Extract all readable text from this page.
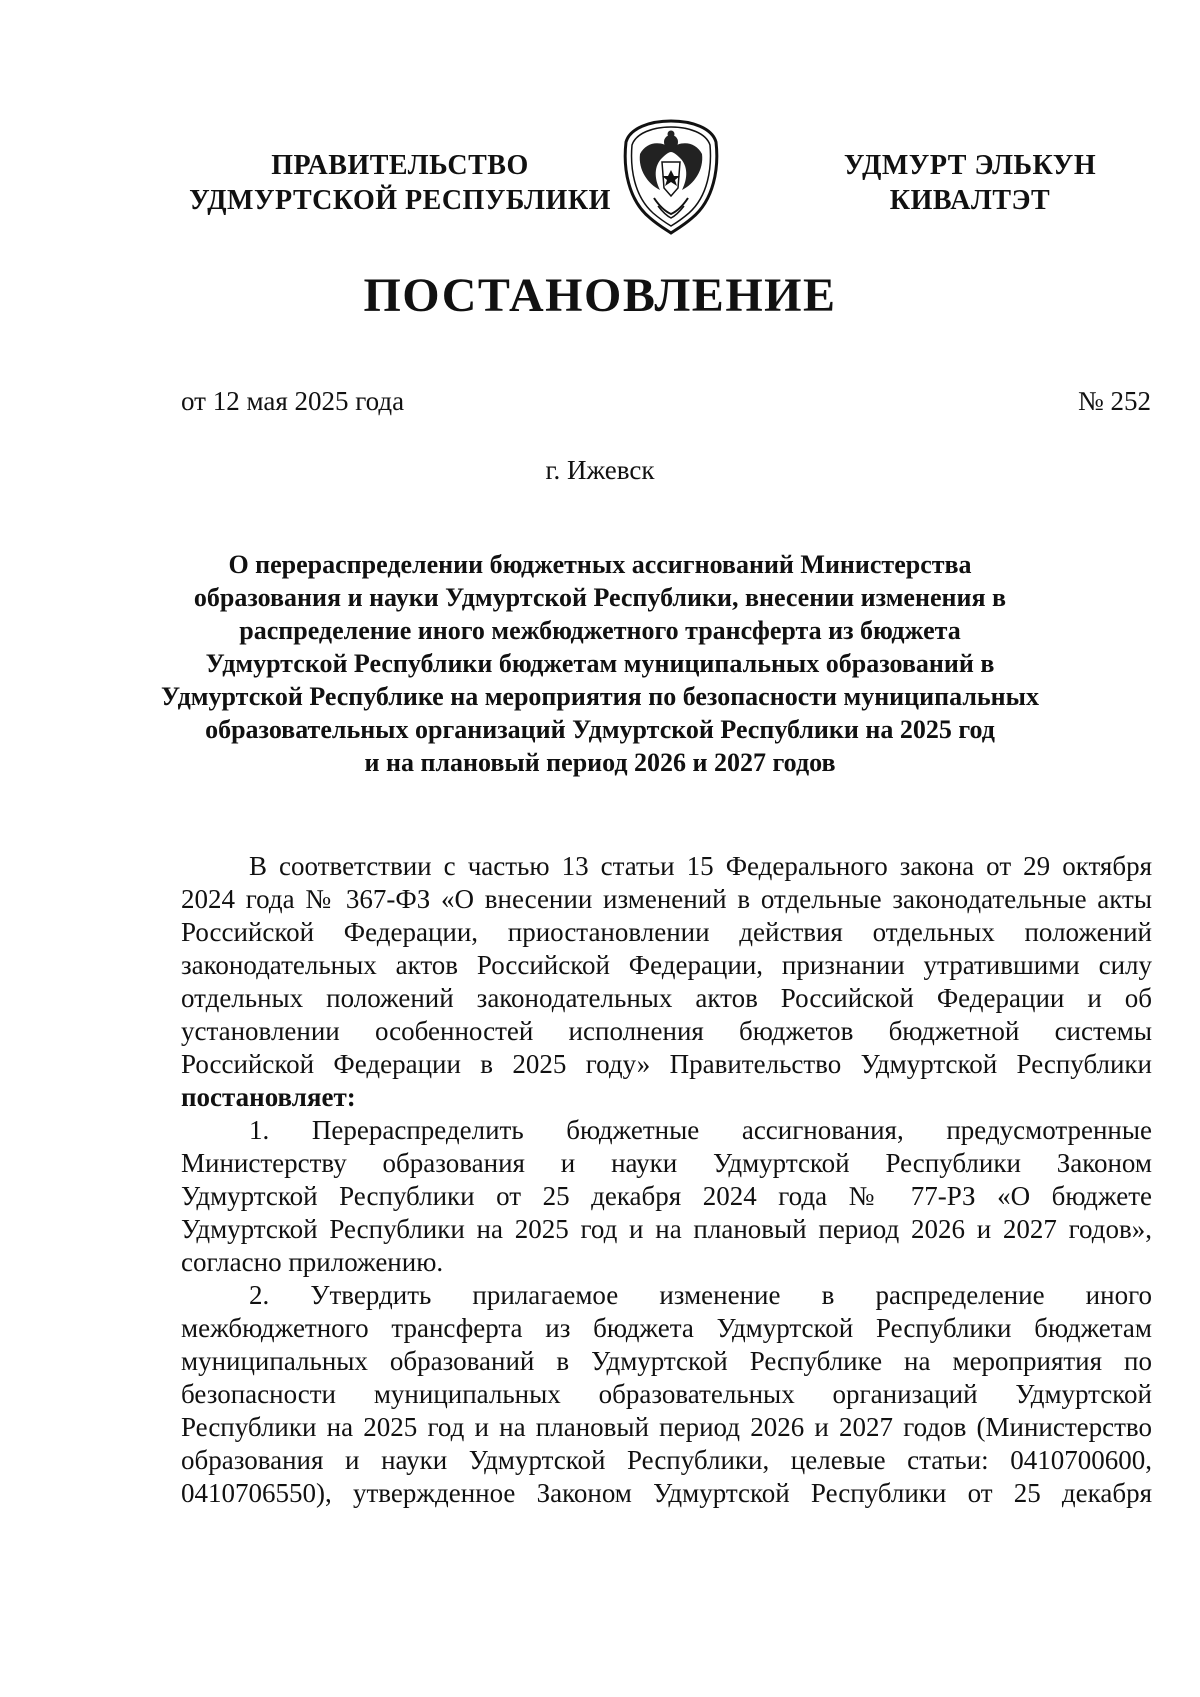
ПРАВИТЕЛЬСТВО
УДМУРТСКОЙ РЕСПУБЛИКИ
УДМУРТ ЭЛЬКУН
КИВАЛТЭТ
ПОСТАНОВЛЕНИЕ
от 12 мая 2025 года	№ 252
г. Ижевск
О перераспределении бюджетных ассигнований Министерства
образования и науки Удмуртской Республики, внесении изменения в
распределение иного межбюджетного трансферта из бюджета
Удмуртской Республики бюджетам муниципальных образований в
Удмуртской Республике на мероприятия по безопасности муниципальных
образовательных организаций Удмуртской Республики на 2025 год
и на плановый период 2026 и 2027 годов

В соответствии с частью 13 статьи 15 Федерального закона от 29 октября
2024 года № 367-ФЗ «О внесении изменений в отдельные законодательные акты
Российской Федерации, приостановлении действия отдельных положений
законодательных актов Российской Федерации, признании утратившими силу
отдельных положений законодательных актов Российской Федерации и об
установлении особенностей исполнения бюджетов бюджетной системы
Российской Федерации в 2025 году» Правительство Удмуртской Республики
постановляет:

1. Перераспределить бюджетные ассигнования, предусмотренные
Министерству образования и науки Удмуртской Республики Законом
Удмуртской Республики от 25 декабря 2024 года № 77-РЗ «О бюджете
Удмуртской Республики на 2025 год и на плановый период 2026 и 2027 годов»,
согласно приложению.

2. Утвердить прилагаемое изменение в распределение иного
межбюджетного трансферта из бюджета Удмуртской Республики бюджетам
муниципальных образований в Удмуртской Республике на мероприятия по
безопасности муниципальных образовательных организаций Удмуртской
Республики на 2025 год и на плановый период 2026 и 2027 годов (Министерство
образования и науки Удмуртской Республики, целевые статьи: 0410700600,
0410706550), утвержденное Законом Удмуртской Республики от 25 декабря
